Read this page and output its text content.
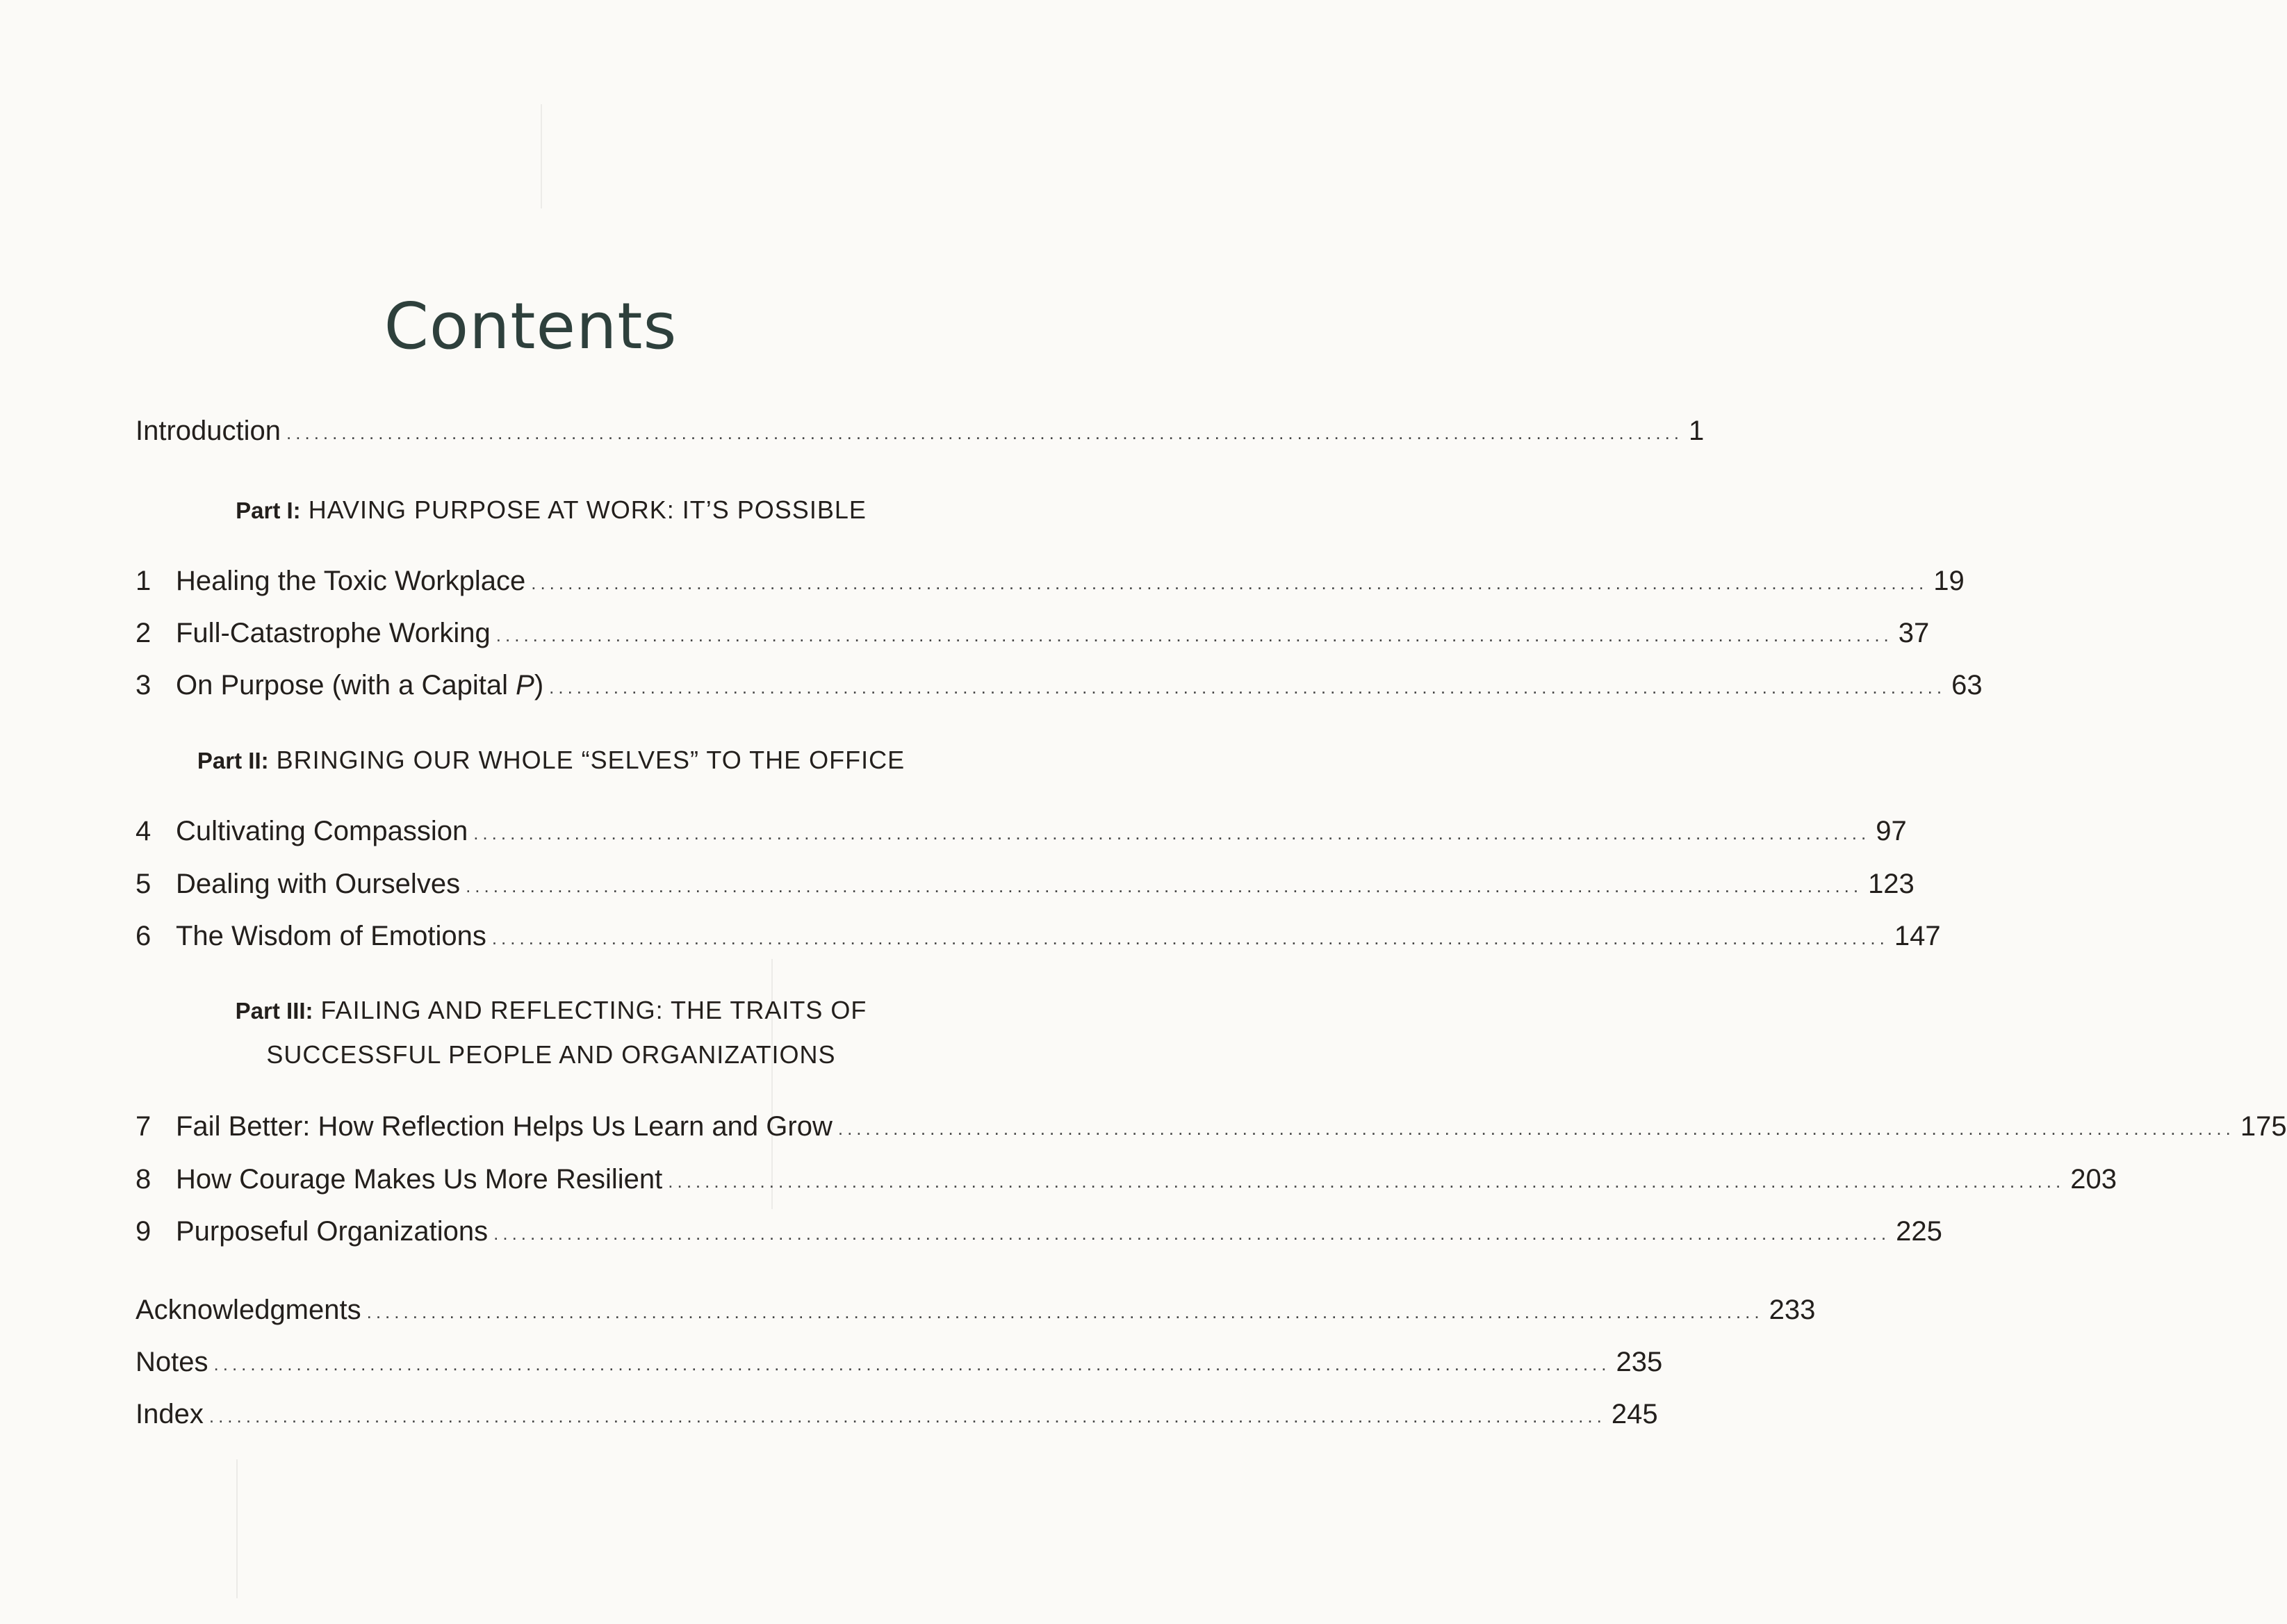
Contents
Introduction ........................................................................................................................................................ 1
Part I: HAVING PURPOSE AT WORK: IT’S POSSIBLE
1 Healing the Toxic Workplace ........................................................................................................................................................ 19
2 Full-Catastrophe Working ........................................................................................................................................................ 37
3 On Purpose (with a Capital P) ........................................................................................................................................................ 63
Part II: BRINGING OUR WHOLE “SELVES” TO THE OFFICE
4 Cultivating Compassion ........................................................................................................................................................ 97
5 Dealing with Ourselves ........................................................................................................................................................ 123
6 The Wisdom of Emotions ........................................................................................................................................................ 147
Part III: FAILING AND REFLECTING: THE TRAITS OF
SUCCESSFUL PEOPLE AND ORGANIZATIONS
7 Fail Better: How Reflection Helps Us Learn and Grow ........................................................................................................................................................ 175
8 How Courage Makes Us More Resilient ........................................................................................................................................................ 203
9 Purposeful Organizations ........................................................................................................................................................ 225
Acknowledgments ........................................................................................................................................................ 233
Notes ........................................................................................................................................................ 235
Index ........................................................................................................................................................ 245
